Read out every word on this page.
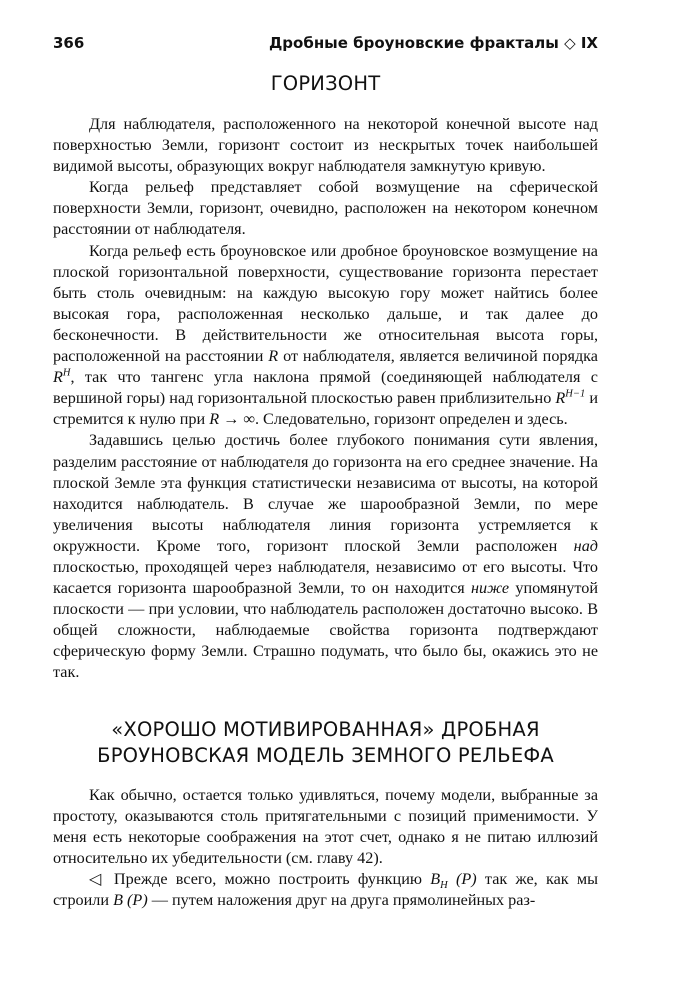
366	Дробные броуновские фракталы ◇ IX
ГОРИЗОНТ

Для наблюдателя, расположенного на некоторой конечной высоте над поверхностью Земли, горизонт состоит из нескрытых точек наибольшей видимой высоты, образующих вокруг наблюдателя замкнутую кривую.

Когда рельеф представляет собой возмущение на сферической поверхности Земли, горизонт, очевидно, расположен на некотором конечном расстоянии от наблюдателя.

Когда рельеф есть броуновское или дробное броуновское возмущение на плоской горизонтальной поверхности, существование горизонта перестает быть столь очевидным: на каждую высокую гору может найтись более высокая гора, расположенная несколько дальше, и так далее до бесконечности. В действительности же относительная высота горы, расположенной на расстоянии R от наблюдателя, является величиной порядка $R^H$, так что тангенс угла наклона прямой (соединяющей наблюдателя с вершиной горы) над горизонтальной плоскостью равен приблизительно $R^{H-1}$ и стремится к нулю при R → ∞. Следовательно, горизонт определен и здесь.

Задавшись целью достичь более глубокого понимания сути явления, разделим расстояние от наблюдателя до горизонта на его среднее значение. На плоской Земле эта функция статистически независима от высоты, на которой находится наблюдатель. В случае же шарообразной Земли, по мере увеличения высоты наблюдателя линия горизонта устремляется к окружности. Кроме того, горизонт плоской Земли расположен над плоскостью, проходящей через наблюдателя, независимо от его высоты. Что касается горизонта шарообразной Земли, то он находится ниже упомянутой плоскости — при условии, что наблюдатель расположен достаточно высоко. В общей сложности, наблюдаемые свойства горизонта подтверждают сферическую форму Земли. Страшно подумать, что было бы, окажись это не так.

«ХОРОШО МОТИВИРОВАННАЯ» ДРОБНАЯ
БРОУНОВСКАЯ МОДЕЛЬ ЗЕМНОГО РЕЛЬЕФА

Как обычно, остается только удивляться, почему модели, выбранные за простоту, оказываются столь притягательными с позиций применимости. У меня есть некоторые соображения на этот счет, однако я не питаю иллюзий относительно их убедительности (см. главу 42).

◁ Прежде всего, можно построить функцию $B_H$ (P) так же, как мы строили B (P) — путем наложения друг на друга прямолинейных раз-
